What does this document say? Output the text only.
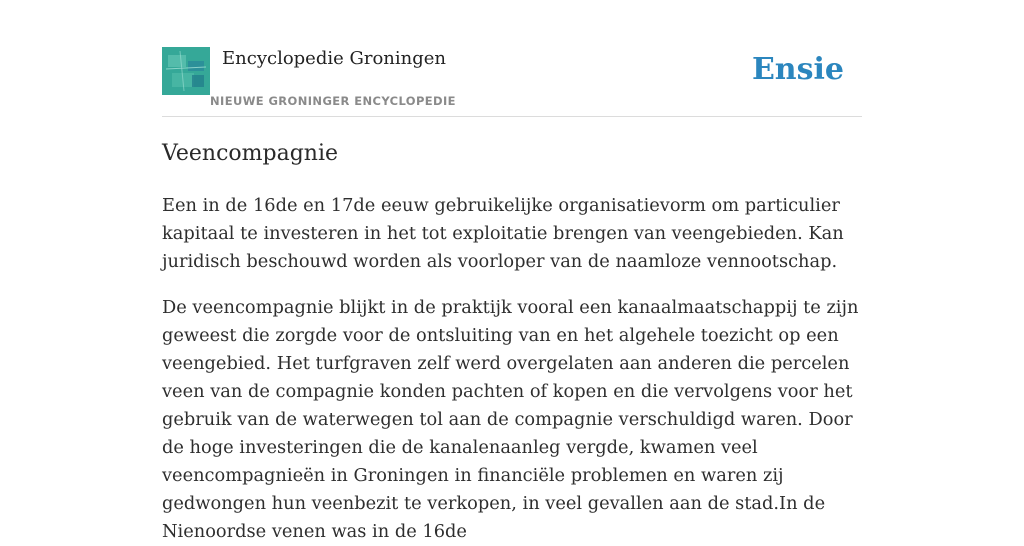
Encyclopedie Groningen
NIEUWE GRONINGER ENCYCLOPEDIE
Ensie
Veencompagnie

Een in de 16de en 17de eeuw gebruikelijke organisatievorm om particulier kapitaal te investeren in het tot exploitatie brengen van veengebieden. Kan juridisch beschouwd worden als voorloper van de naamloze vennootschap.

De veencompagnie blijkt in de praktijk vooral een kanaalmaatschappij te zijn geweest die zorgde voor de ontsluiting van en het algehele toezicht op een veengebied. Het turfgraven zelf werd overgelaten aan anderen die percelen veen van de compagnie konden pachten of kopen en die vervolgens voor het gebruik van de waterwegen tol aan de compagnie verschuldigd waren. Door de hoge investeringen die de kanalenaanleg vergde, kwamen veel veencompagnieën in Groningen in financiële problemen en waren zij gedwongen hun veenbezit te verkopen, in veel gevallen aan de stad.In de Nienoordse venen was in de 16de
